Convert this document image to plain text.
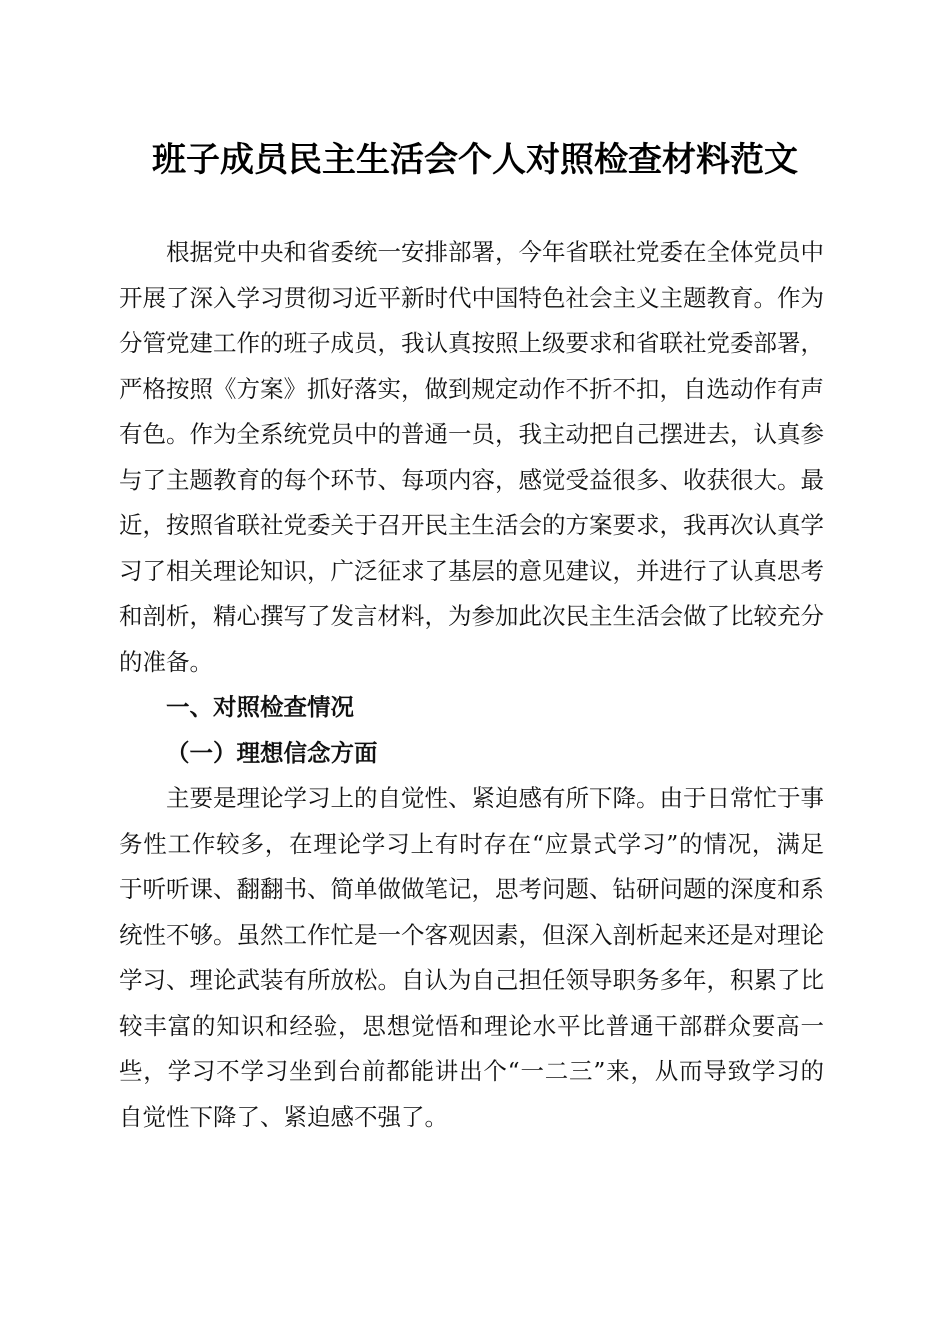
班子成员民主生活会个人对照检查材料范文

根据党中央和省委统一安排部署，今年省联社党委在全体党员中开展了深入学习贯彻习近平新时代中国特色社会主义主题教育。作为分管党建工作的班子成员，我认真按照上级要求和省联社党委部署，严格按照《方案》抓好落实，做到规定动作不折不扣，自选动作有声有色。作为全系统党员中的普通一员，我主动把自己摆进去，认真参与了主题教育的每个环节、每项内容，感觉受益很多、收获很大。最近，按照省联社党委关于召开民主生活会的方案要求，我再次认真学习了相关理论知识，广泛征求了基层的意见建议，并进行了认真思考和剖析，精心撰写了发言材料，为参加此次民主生活会做了比较充分的准备。

一、对照检查情况

（一）理想信念方面

主要是理论学习上的自觉性、紧迫感有所下降。由于日常忙于事务性工作较多，在理论学习上有时存在“应景式学习”的情况，满足于听听课、翻翻书、简单做做笔记，思考问题、钻研问题的深度和系统性不够。虽然工作忙是一个客观因素，但深入剖析起来还是对理论学习、理论武装有所放松。自认为自己担任领导职务多年，积累了比较丰富的知识和经验，思想觉悟和理论水平比普通干部群众要高一些，学习不学习坐到台前都能讲出个“一二三”来，从而导致学习的自觉性下降了、紧迫感不强了。
